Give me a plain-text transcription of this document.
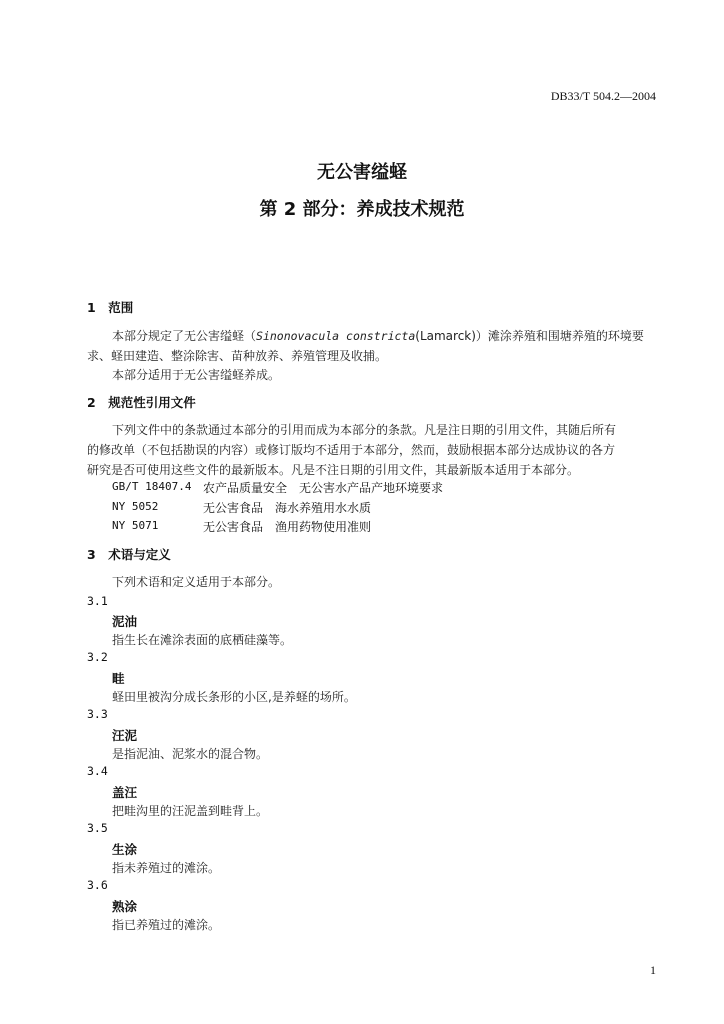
DB33/T 504.2—2004
无公害缢蛏
第 2 部分：养成技术规范
1　范围
本部分规定了无公害缢蛏（Sinonovacula constricta(Lamarck)）滩涂养殖和围塘养殖的环境要
求、蛏田建造、整涂除害、苗种放养、养殖管理及收捕。
本部分适用于无公害缢蛏养成。
2　规范性引用文件
下列文件中的条款通过本部分的引用而成为本部分的条款。凡是注日期的引用文件，其随后所有
的修改单（不包括勘误的内容）或修订版均不适用于本部分，然而，鼓励根据本部分达成协议的各方
研究是否可使用这些文件的最新版本。凡是不注日期的引用文件，其最新版本适用于本部分。
GB/T 18407.4 农产品质量安全　无公害水产品产地环境要求
NY 5052	无公害食品　海水养殖用水水质
NY 5071	无公害食品　渔用药物使用准则
3　术语与定义
下列术语和定义适用于本部分。
3.1
泥油
指生长在滩涂表面的底栖硅藻等。
3.2
畦
蛏田里被沟分成长条形的小区,是养蛏的场所。
3.3
汪泥
是指泥油、泥浆水的混合物。
3.4
盖汪
把畦沟里的汪泥盖到畦背上。
3.5
生涂
指未养殖过的滩涂。
3.6
熟涂
指已养殖过的滩涂。
1
